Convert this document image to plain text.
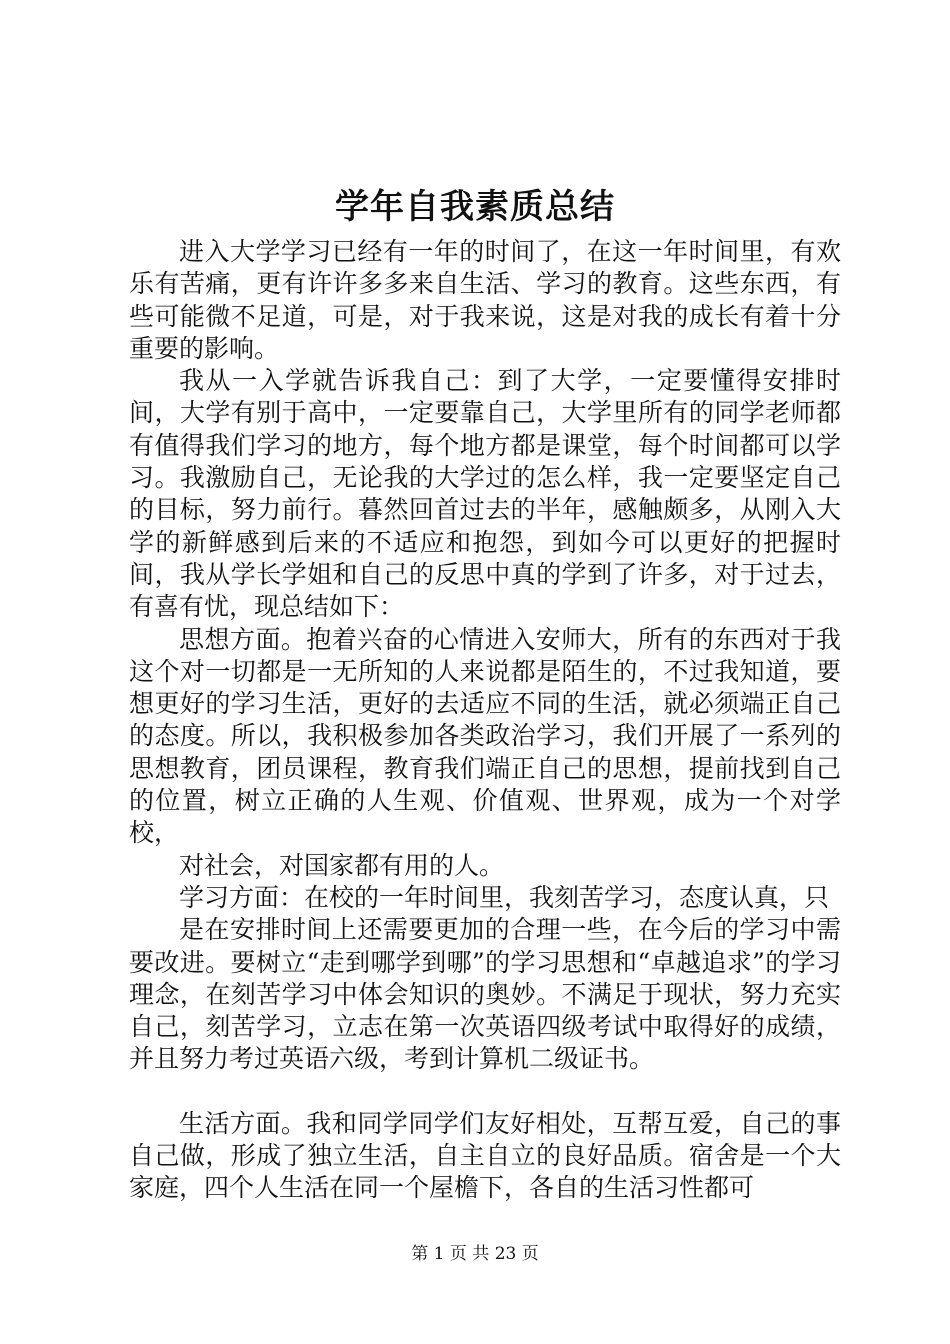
学年自我素质总结

进入大学学习已经有一年的时间了，在这一年时间里，有欢乐有苦痛，更有许许多多来自生活、学习的教育。这些东西，有些可能微不足道，可是，对于我来说，这是对我的成长有着十分重要的影响。

我从一入学就告诉我自己：到了大学，一定要懂得安排时间，大学有别于高中，一定要靠自己，大学里所有的同学老师都有值得我们学习的地方，每个地方都是课堂，每个时间都可以学习。我激励自己，无论我的大学过的怎么样，我一定要坚定自己的目标，努力前行。暮然回首过去的半年，感触颇多，从刚入大学的新鲜感到后来的不适应和抱怨，到如今可以更好的把握时间，我从学长学姐和自己的反思中真的学到了许多，对于过去，有喜有忧，现总结如下：

思想方面。抱着兴奋的心情进入安师大，所有的东西对于我这个对一切都是一无所知的人来说都是陌生的，不过我知道，要想更好的学习生活，更好的去适应不同的生活，就必须端正自己的态度。所以，我积极参加各类政治学习，我们开展了一系列的思想教育，团员课程，教育我们端正自己的思想，提前找到自己的位置，树立正确的人生观、价值观、世界观，成为一个对学校，

对社会，对国家都有用的人。

学习方面：在校的一年时间里，我刻苦学习，态度认真，只

是在安排时间上还需要更加的合理一些，在今后的学习中需要改进。要树立“走到哪学到哪”的学习思想和“卓越追求”的学习理念，在刻苦学习中体会知识的奥妙。不满足于现状，努力充实自己，刻苦学习，立志在第一次英语四级考试中取得好的成绩，并且努力考过英语六级，考到计算机二级证书。

生活方面。我和同学同学们友好相处，互帮互爱，自己的事自己做，形成了独立生活，自主自立的良好品质。宿舍是一个大家庭，四个人生活在同一个屋檐下，各自的生活习性都可

第 1 页 共 23 页
